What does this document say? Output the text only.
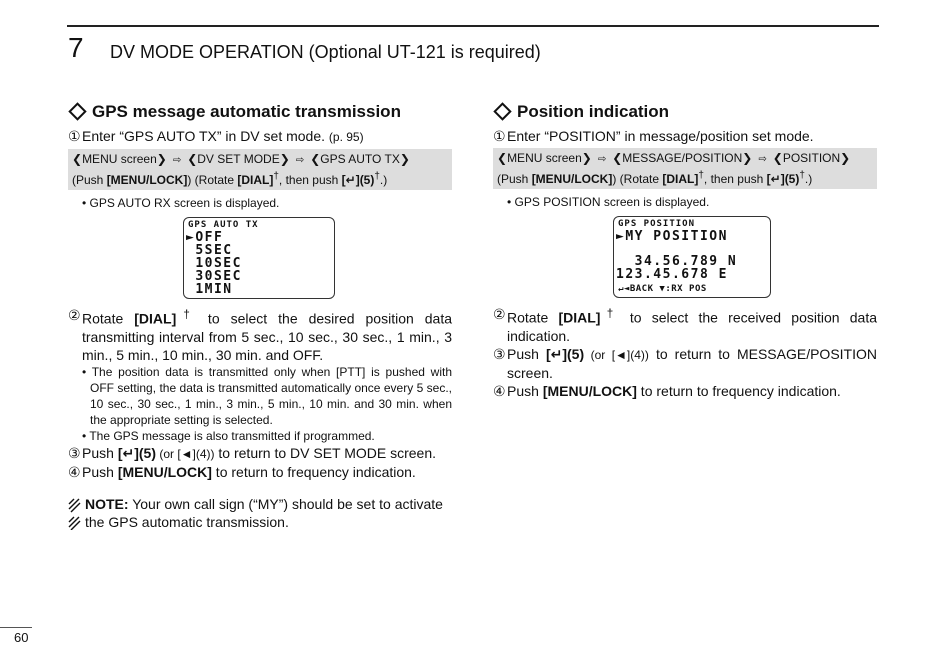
7 DV MODE OPERATION (Optional UT-121 is required)
GPS message automatic transmission

① Enter “GPS AUTO TX” in DV set mode. (p. 95)

❮MENU screen❯ ⇨ ❮DV SET MODE❯ ⇨ ❮GPS AUTO TX❯
(Push [MENU/LOCK]) (Rotate [DIAL]†, then push [↵](5)†.)

• GPS AUTO RX screen is displayed.

GPS AUTO TX
►OFF
5SEC
10SEC
30SEC
1MIN

② Rotate [DIAL]† to select the desired position data transmitting interval from 5 sec., 10 sec., 30 sec., 1 min., 3 min., 5 min., 10 min., 30 min. and OFF.

• The position data is transmitted only when [PTT] is pushed with OFF setting, the data is transmitted automatically once every 5 sec., 10 sec., 30 sec., 1 min., 3 min., 5 min., 10 min. and 30 min. when the appropriate setting is selected.

• The GPS message is also transmitted if programmed.

③ Push [↵](5) (or [◄](4)) to return to DV SET MODE screen.

④ Push [MENU/LOCK] to return to frequency indication.

NOTE: Your own call sign (“MY”) should be set to activate the GPS automatic transmission.
Position indication

① Enter “POSITION” in message/position set mode.

❮MENU screen❯ ⇨ ❮MESSAGE/POSITION❯ ⇨ ❮POSITION❯
(Push [MENU/LOCK]) (Rotate [DIAL]†, then push [↵](5)†.)

• GPS POSITION screen is displayed.

GPS POSITION
►MY POSITION
34.56.789 N
123.45.678 E
↵◄BACK ▼:RX POS

② Rotate [DIAL]† to select the received position data indication.

③ Push [↵](5) (or [◄](4)) to return to MESSAGE/POSITION screen.

④ Push [MENU/LOCK] to return to frequency indication.

60
